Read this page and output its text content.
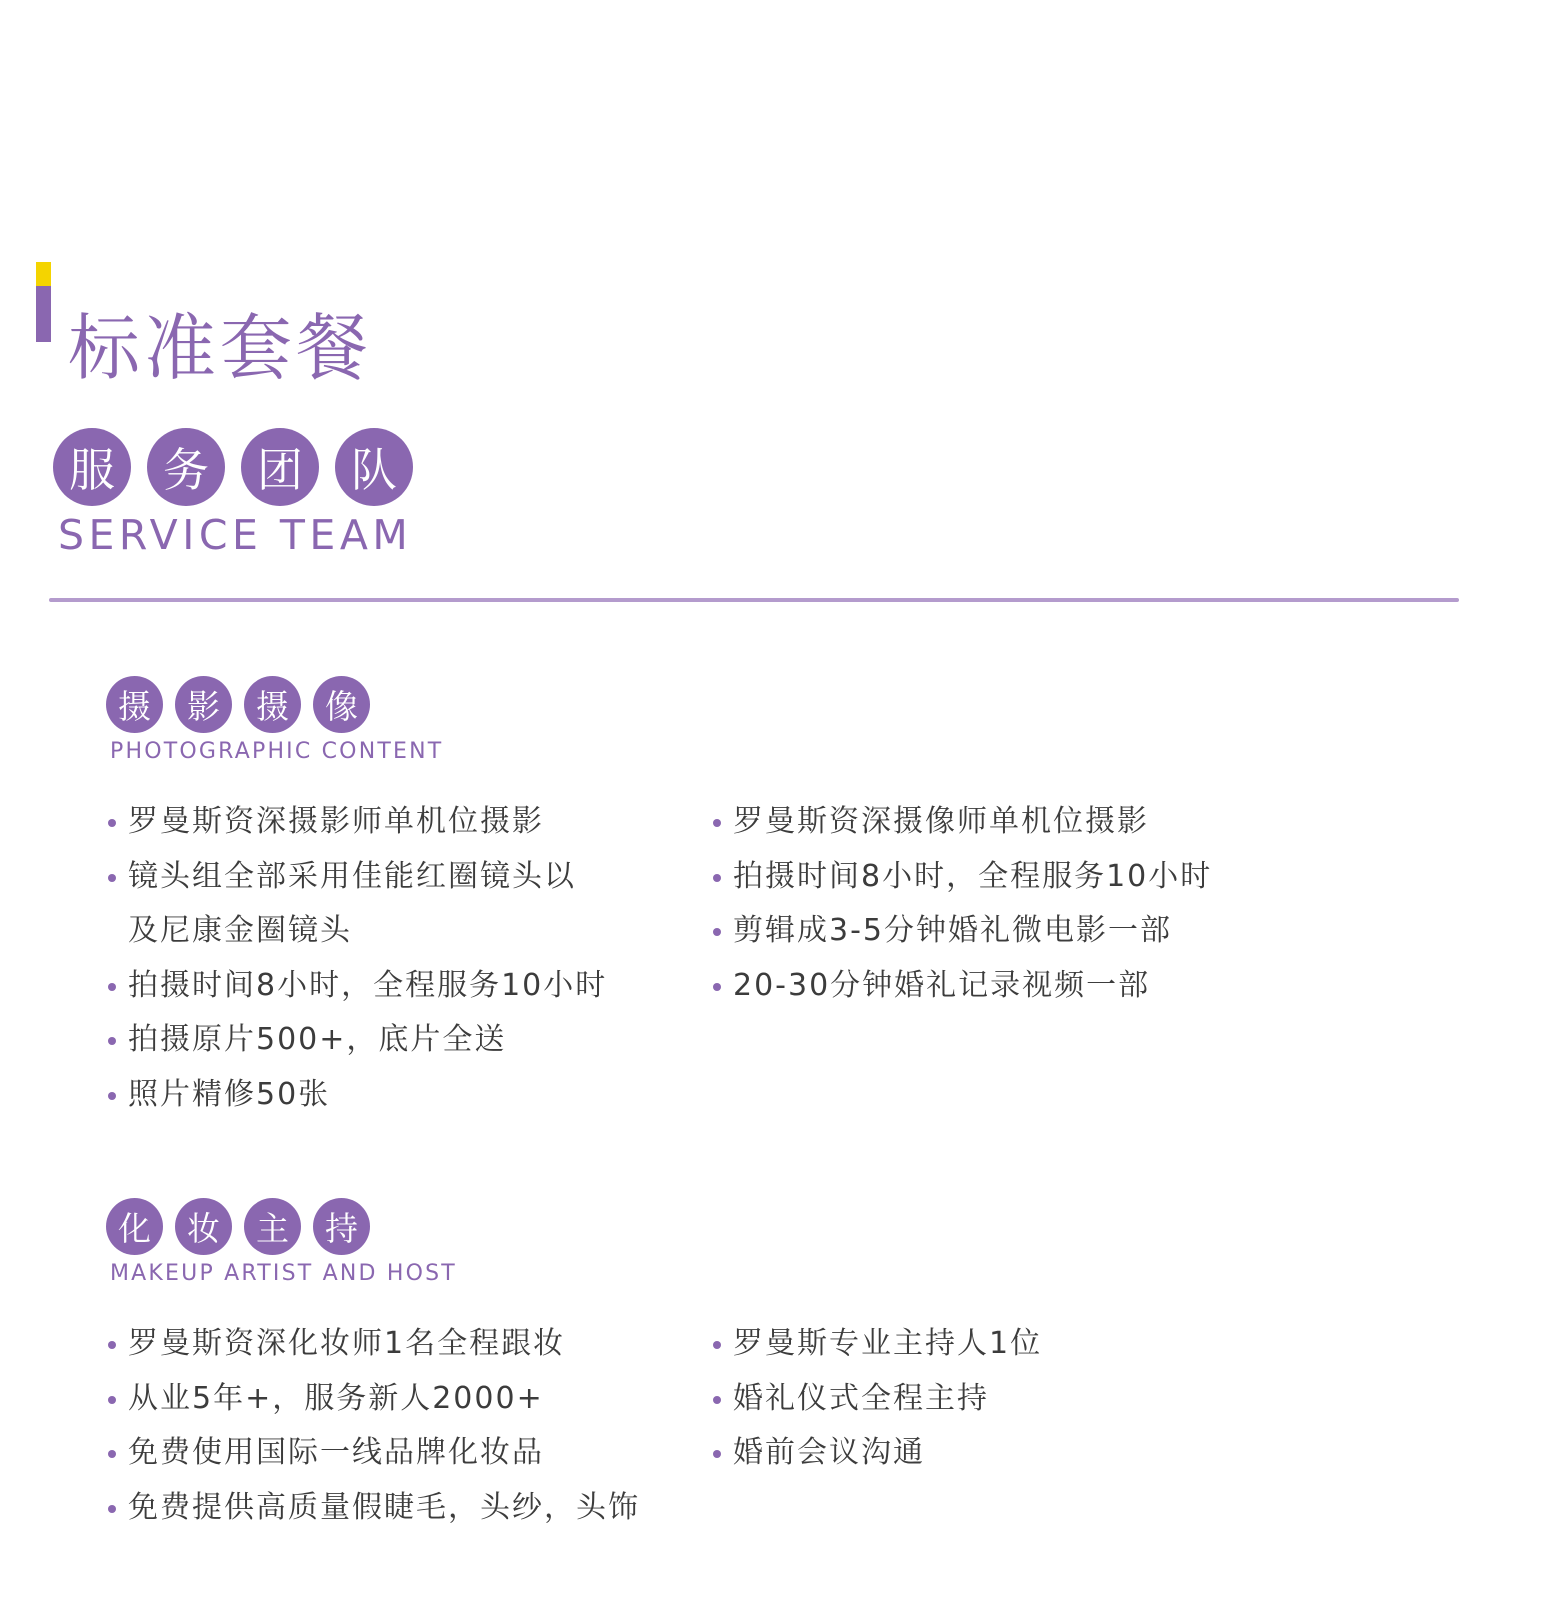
标准套餐
服	务	团	队
SERVICE TEAM
摄	影	摄	像
PHOTOGRAPHIC CONTENT
罗曼斯资深摄影师单机位摄影
镜头组全部采用佳能红圈镜头以及尼康金圈镜头
拍摄时间8小时，全程服务10小时
拍摄原片500+，底片全送
照片精修50张
罗曼斯资深摄像师单机位摄影
拍摄时间8小时，全程服务10小时
剪辑成3-5分钟婚礼微电影一部
20-30分钟婚礼记录视频一部
化	妆	主	持
MAKEUP ARTIST AND HOST
罗曼斯资深化妆师1名全程跟妆
从业5年+，服务新人2000+
免费使用国际一线品牌化妆品
免费提供高质量假睫毛，头纱，头饰
罗曼斯专业主持人1位
婚礼仪式全程主持
婚前会议沟通
